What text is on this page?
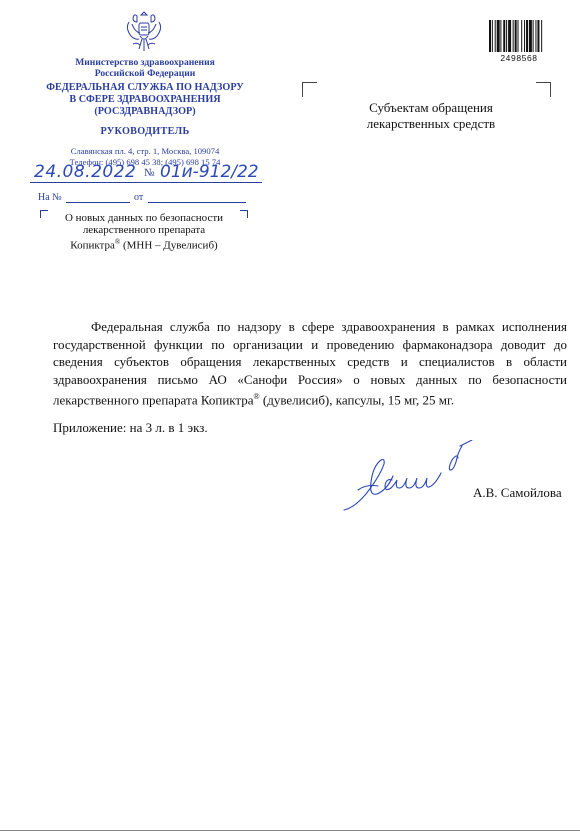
Министерство здравоохранения
Российской Федерации
ФЕДЕРАЛЬНАЯ СЛУЖБА ПО НАДЗОРУ
В СФЕРЕ ЗДРАВООХРАНЕНИЯ
(РОСЗДРАВНАДЗОР)
РУКОВОДИТЕЛЬ
Славянская пл. 4, стр. 1, Москва, 109074
Телефон: (495) 698 45 38; (495) 698 15 74
24.08.2022 № 01и-912/22
На №	от
О новых данных по безопасности
лекарственного препарата
Копиктра® (МНН – Дувелисиб)
2498568
Субъектам обращения
лекарственных средств
Федеральная служба по надзору в сфере здравоохранения в рамках исполнения государственной функции по организации и проведению фармаконадзора доводит до сведения субъектов обращения лекарственных средств и специалистов в области здравоохранения письмо АО «Санофи Россия» о новых данных по безопасности лекарственного препарата Копиктра® (дувелисиб), капсулы, 15 мг, 25 мг.
Приложение: на 3 л. в 1 экз.
А.В. Самойлова
